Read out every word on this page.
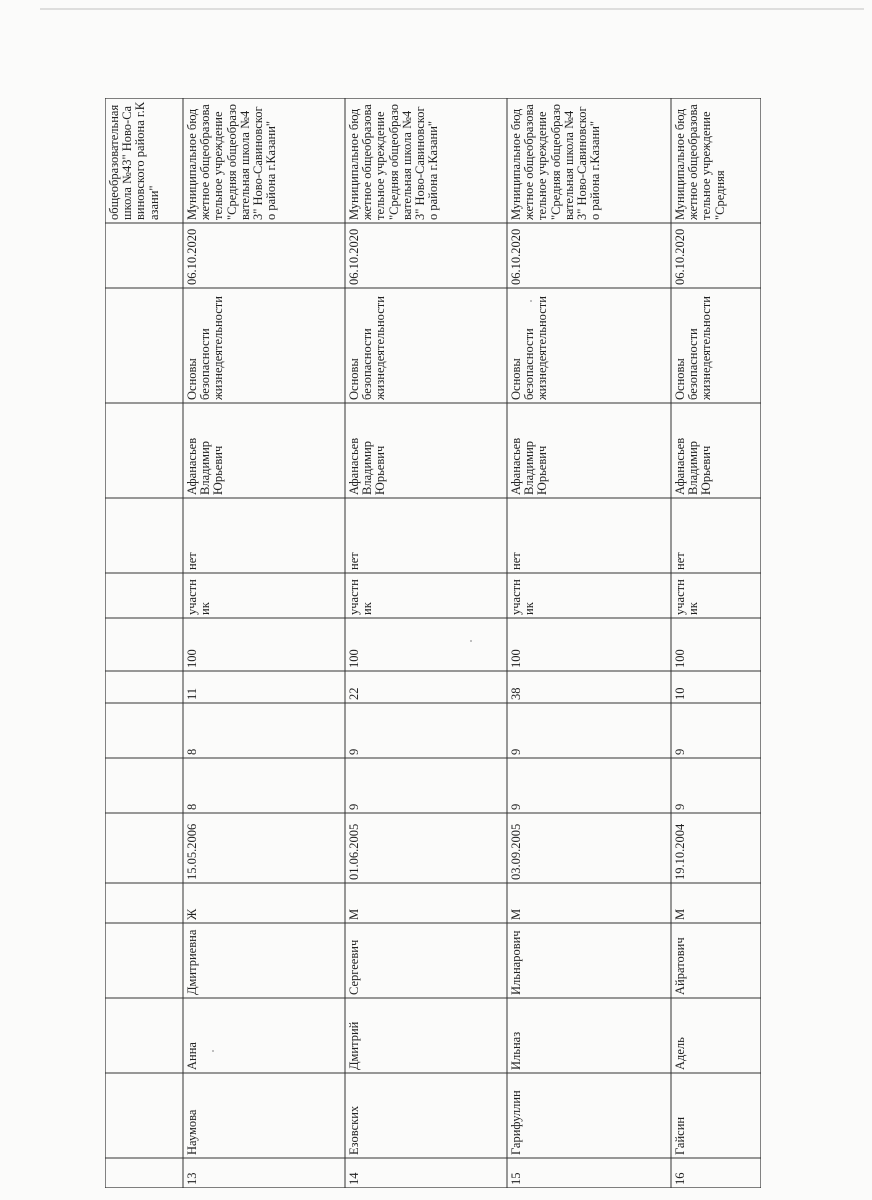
общеобразовательная школа №43" Ново-Савиновского района г.Казани" Муниципальное бюджетное общеобразовательное учреждение "Средняя общеобразовательная школа №43" Ново-Савиновского района г.Казани"
06.10.2020
Основы
безопасности
жизнедеятельности
Афанасьев
Владимир
Юрьевич
нет
участник
100
11
8
8
15.05.2006
Ж
Дмитриевна
Анна
Наумова
13
Муниципальное бюджетное общеобразовательное учреждение "Средняя общеобразовательная школа №43" Ново-Савиновского района г.Казани"
06.10.2020
Основы
безопасности
жизнедеятельности
Афанасьев
Владимир
Юрьевич
нет
участник
100
22
9
9
01.06.2005
М
Сергеевич
Дмитрий
Езовских
14
Муниципальное бюджетное общеобразовательное учреждение "Средняя общеобразовательная школа №43" Ново-Савиновского района г.Казани"
06.10.2020
Основы
безопасности
жизнедеятельности
Афанасьев
Владимир
Юрьевич
нет
участник
100
38
9
9
03.09.2005
М
Ильнарович
Ильназ
Гарифуллин
15
Муниципальное бюджетное общеобразовательное учреждение "Средняя
06.10.2020
Основы
безопасности
жизнедеятельности
Афанасьев
Владимир
Юрьевич
нет
участник
100
10
9
9
19.10.2004
М
Айратович
Адель
Гайсин
16
